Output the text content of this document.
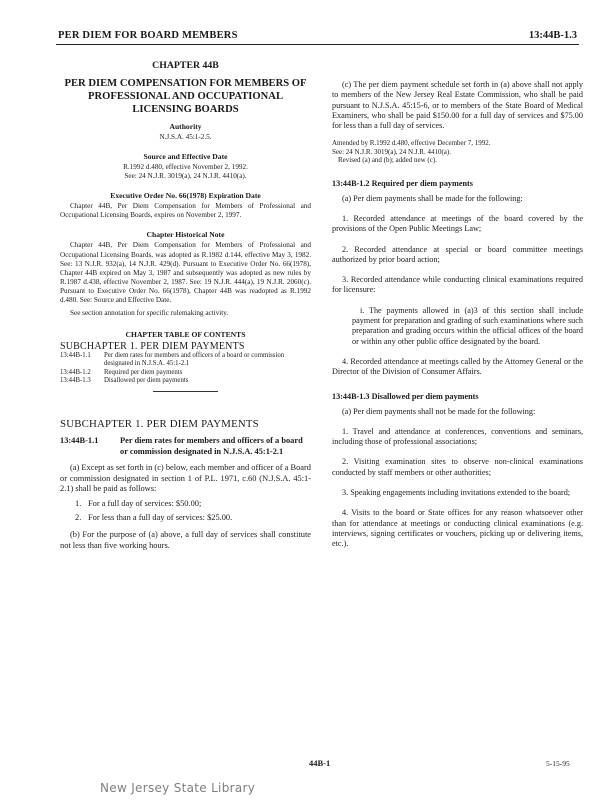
PER DIEM FOR BOARD MEMBERS	13:44B-1.3

CHAPTER 44B

PER DIEM COMPENSATION FOR MEMBERS OF PROFESSIONAL AND OCCUPATIONAL LICENSING BOARDS

Authority

N.J.S.A. 45:1-2.5.

Source and Effective Date

R.1992 d.480, effective November 2, 1992.

See: 24 N.J.R. 3019(a), 24 N.J.R. 4410(a).

Executive Order No. 66(1978) Expiration Date

Chapter 44B, Per Diem Compensation for Members of Professional and Occupational Licensing Boards, expires on November 2, 1997.

Chapter Historical Note

Chapter 44B, Per Diem Compensation for Members of Professional and Occupational Licensing Boards, was adopted as R.1982 d.144, effective May 3, 1982. See: 13 N.J.R. 932(a), 14 N.J.R. 429(d). Pursuant to Executive Order No. 66(1978), Chapter 44B expired on May 3, 1987 and subsequently was adopted as new rules by R.1987 d.438, effective November 2, 1987. See: 19 N.J.R. 444(a), 19 N.J.R. 2060(c). Pursuant to Executive Order No. 66(1978), Chapter 44B was readopted as R.1992 d.480. See: Source and Effective Date.

See section annotation for specific rulemaking activity.

CHAPTER TABLE OF CONTENTS

SUBCHAPTER 1. PER DIEM PAYMENTS

13:44B-1.1	Per diem rates for members and officers of a board or commission designated in N.J.S.A. 45:1-2.1
13:44B-1.2	Required per diem payments
13:44B-1.3	Disallowed per diem payments

SUBCHAPTER 1. PER DIEM PAYMENTS

13:44B-1.1	Per diem rates for members and officers of a board or commission designated in N.J.S.A. 45:1-2.1

(a) Except as set forth in (c) below, each member and officer of a Board or commission designated in section 1 of P.L. 1971, c.60 (N.J.S.A. 45:1-2.1) shall be paid as follows:

1. For a full day of services: $50.00;

2. For less than a full day of services: $25.00.

(b) For the purpose of (a) above, a full day of services shall constitute not less than five working hours.

(c) The per diem payment schedule set forth in (a) above shall not apply to members of the New Jersey Real Estate Commission, who shall be paid pursuant to N.J.S.A. 45:15-6, or to members of the State Board of Medical Examiners, who shall be paid $150.00 for a full day of services and $75.00 for less than a full day of services.

Amended by R.1992 d.480, effective December 7, 1992.

See: 24 N.J.R. 3019(a), 24 N.J.R. 4410(a).

Revised (a) and (b); added new (c).

13:44B-1.2 Required per diem payments

(a) Per diem payments shall be made for the following:

1. Recorded attendance at meetings of the board covered by the provisions of the Open Public Meetings Law;

2. Recorded attendance at special or board committee meetings authorized by prior board action;

3. Recorded attendance while conducting clinical examinations required for licensure:

i. The payments allowed in (a)3 of this section shall include payment for preparation and grading of such examinations where such preparation and grading occurs within the official offices of the board or within any other public office designated by the board.

4. Recorded attendance at meetings called by the Attorney General or the Director of the Division of Consumer Affairs.

13:44B-1.3 Disallowed per diem payments

(a) Per diem payments shall not be made for the following:

1. Travel and attendance at conferences, conventions and seminars, including those of professional associations;

2. Visiting examination sites to observe non-clinical examinations conducted by staff members or other authorities;

3. Speaking engagements including invitations extended to the board;

4. Visits to the board or State offices for any reason whatsoever other than for attendance at meetings or conducting clinical examinations (e.g. interviews, signing certificates or vouchers, picking up or delivering items, etc.).

44B-1	5-15-95
New Jersey State Library
